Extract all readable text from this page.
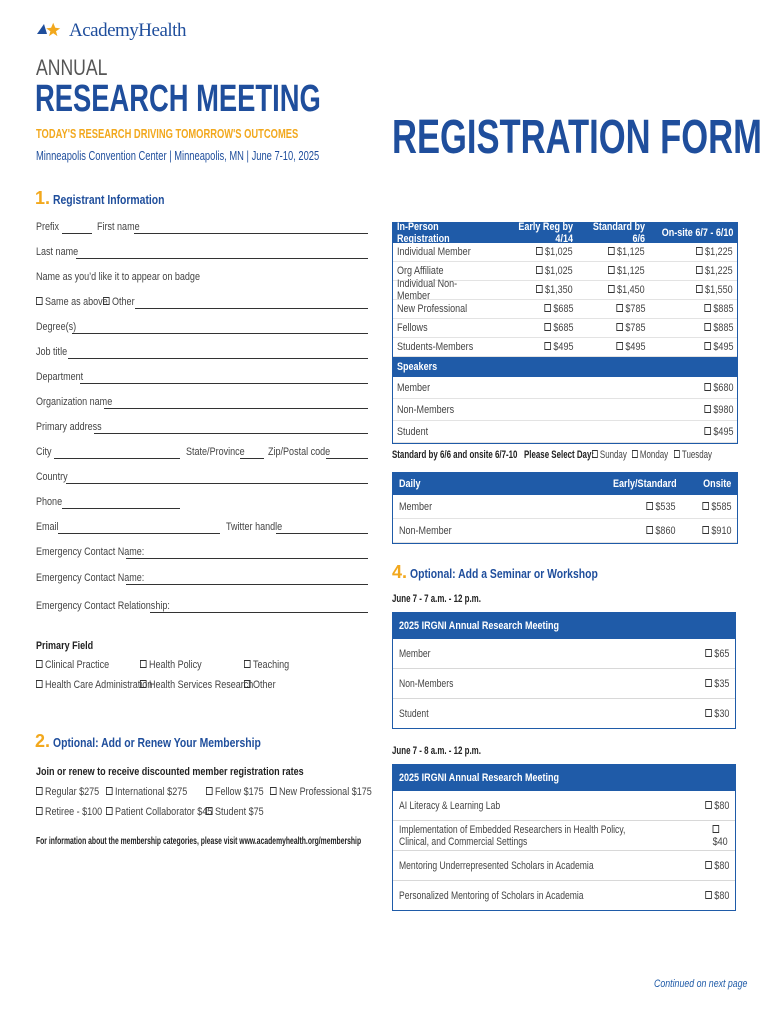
AcademyHealth
ANNUAL
RESEARCH MEETING
TODAY'S RESEARCH DRIVING TOMORROW'S OUTCOMES
Minneapolis Convention Center | Minneapolis, MN | June 7-10, 2025 REGISTRATION FORM
1. Registrant Information
Prefix	First name
Last name
Name as you’d like it to appear on badge
Same as above Other
Degree(s)
Job title
Department
Organization name
Primary address
City	State/Province Zip/Postal code
Country
Phone
Email	Twitter handle
Emergency Contact Name:
Emergency Contact Name:
Emergency Contact Relationship:
Primary Field
Clinical Practice	Health Policy	Teaching
Health Care Administration
Health Services Research Other
2. Optional: Add or Renew Your Membership
Join or renew to receive discounted member registration rates
Regular $275	International $275	Fellow $175	New Professional $175
Retiree - $100	Patient Collaborator $45 Student $75
For information about the membership categories, please visit www.academyhealth.org/membership
In-Person Registration
Early Reg by 4/14
Standard by 6/6	On-site 6/7 - 6/10
Individual Member	$1,025	$1,125	$1,225
Org Affiliate	$1,025	$1,125	$1,225
Individual Non-Member	$1,350	$1,450	$1,550
New Professional	$685	$785	$885
Fellows	$685	$785	$885
Students-Members	$495	$495	$495
Speakers
Member	$680
Non-Members	$980
Student	$495
Standard by 6/6 and onsite 6/7-10 Please Select Day: Sunday	Monday	Tuesday
Daily	Early/Standard	Onsite
Member	$535	$585
Non-Member	$860	$910
4. Optional: Add a Seminar or Workshop
June 7 - 7 a.m. - 12 p.m.
2025 IRGNI Annual Research Meeting
Member	$65
Non-Members	$35
Student	$30
June 7 - 8 a.m. - 12 p.m.
2025 IRGNI Annual Research Meeting
AI Literacy & Learning Lab	$80
Implementation of Embedded Researchers in Health Policy, Clinical, and Commercial Settings	$40
Mentoring Underrepresented Scholars in Academia	$80
Personalized Mentoring of Scholars in Academia	$80
Continued on next page
